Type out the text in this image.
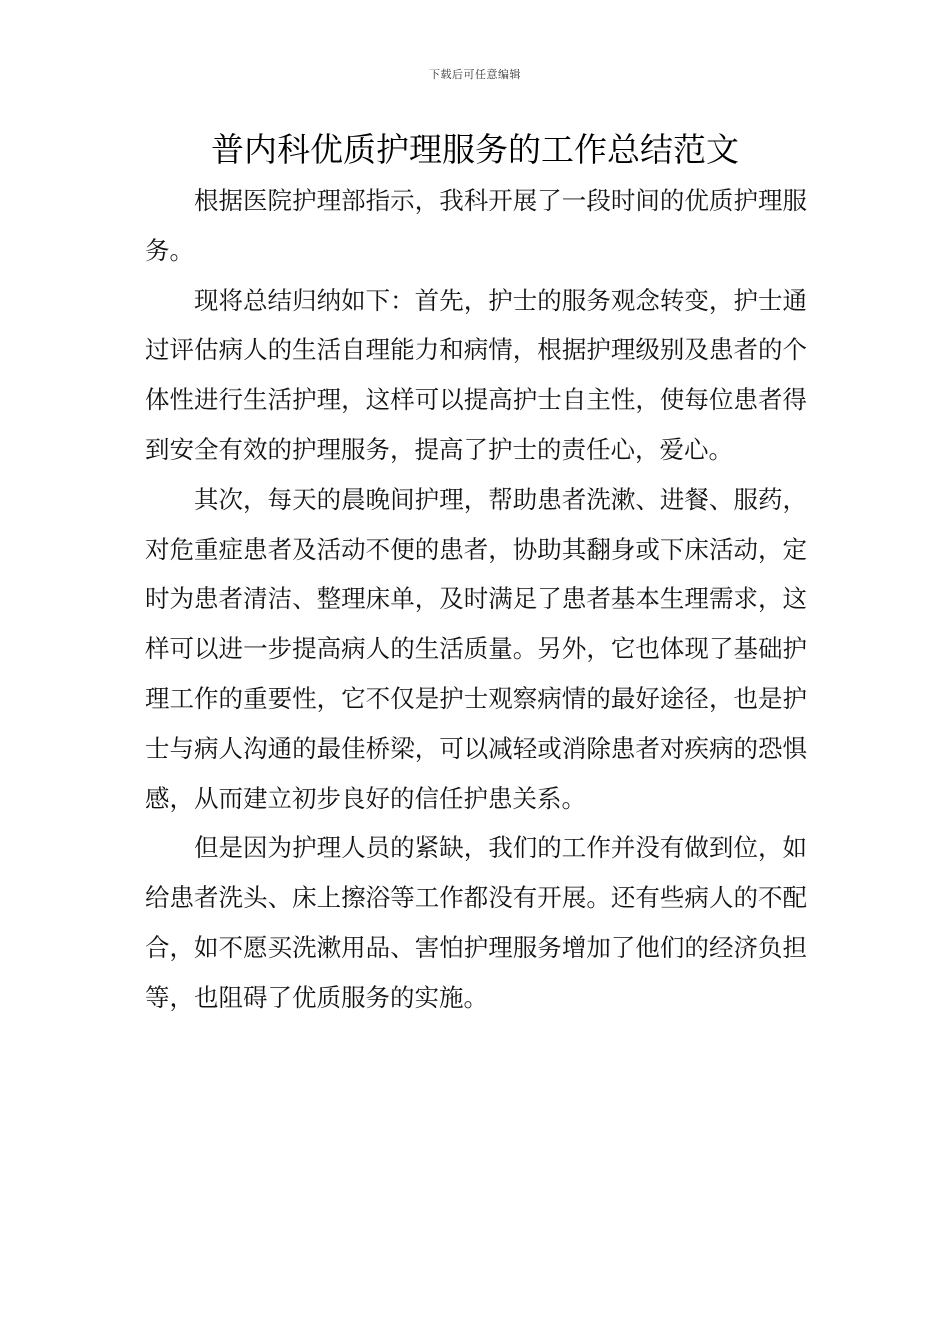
下载后可任意编辑
普内科优质护理服务的工作总结范文

根据医院护理部指示，我科开展了一段时间的优质护理服务。

现将总结归纳如下：首先，护士的服务观念转变，护士通过评估病人的生活自理能力和病情，根据护理级别及患者的个体性进行生活护理，这样可以提高护士自主性，使每位患者得到安全有效的护理服务，提高了护士的责任心，爱心。

其次，每天的晨晚间护理，帮助患者洗漱、进餐、服药，对危重症患者及活动不便的患者，协助其翻身或下床活动，定时为患者清洁、整理床单，及时满足了患者基本生理需求，这样可以进一步提高病人的生活质量。另外，它也体现了基础护理工作的重要性，它不仅是护士观察病情的最好途径，也是护士与病人沟通的最佳桥梁，可以减轻或消除患者对疾病的恐惧感，从而建立初步良好的信任护患关系。

但是因为护理人员的紧缺，我们的工作并没有做到位，如给患者洗头、床上擦浴等工作都没有开展。还有些病人的不配合，如不愿买洗漱用品、害怕护理服务增加了他们的经济负担等，也阻碍了优质服务的实施。
